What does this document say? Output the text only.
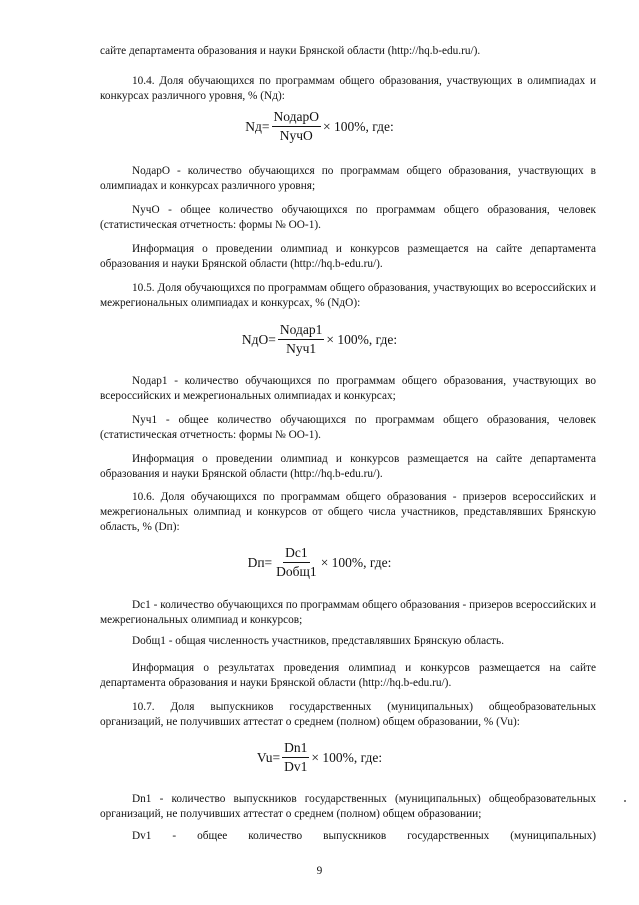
сайте департамента образования и науки Брянской области (http://hq.b-edu.ru/).

10.4. Доля обучающихся по программам общего образования, участвующих в олимпиадах и конкурсах различного уровня, % (Nд):

$Nд= \frac{\text{NодарО}}{\text{NучО}} \times 100\%$, где:

NодарО - количество обучающихся по программам общего образования, участвующих в олимпиадах и конкурсах различного уровня;

NучО - общее количество обучающихся по программам общего образования, человек (статистическая отчетность: формы № ОО-1).

Информация о проведении олимпиад и конкурсов размещается на сайте департамента образования и науки Брянской области (http://hq.b-edu.ru/).

10.5. Доля обучающихся по программам общего образования, участвующих во всероссийских и межрегиональных олимпиадах и конкурсах, % (NдО):

$NдО= \frac{\text{Nодар1}}{\text{Nуч1}} \times 100\%$, где:

Nодар1 - количество обучающихся по программам общего образования, участвующих во всероссийских и межрегиональных олимпиадах и конкурсах;

Nуч1 - общее количество обучающихся по программам общего образования, человек (статистическая отчетность: формы № ОО-1).

Информация о проведении олимпиад и конкурсов размещается на сайте департамента образования и науки Брянской области (http://hq.b-edu.ru/).

10.6. Доля обучающихся по программам общего образования - призеров всероссийских и межрегиональных олимпиад и конкурсов от общего числа участников, представлявших Брянскую область, % (Dп):

$Dп= \frac{Dс1}{\text{Dобщ1}} \times 100\%$, где:

Dс1 - количество обучающихся по программам общего образования - призеров всероссийских и межрегиональных олимпиад и конкурсов;

Dобщ1 - общая численность участников, представлявших Брянскую область.

Информация о результатах проведения олимпиад и конкурсов размещается на сайте департамента образования и науки Брянской области (http://hq.b-edu.ru/).

10.7. Доля выпускников государственных (муниципальных) общеобразовательных организаций, не получивших аттестат о среднем (полном) общем образовании, % (Vu):

$Vu= \frac{Dn1}{Dv1} \times 100\%$, где:

Dn1 - количество выпускников государственных (муниципальных) общеобразовательных организаций, не получивших аттестат о среднем (полном) общем образовании;

Dv1 - общее количество выпускников государственных (муниципальных)

9
